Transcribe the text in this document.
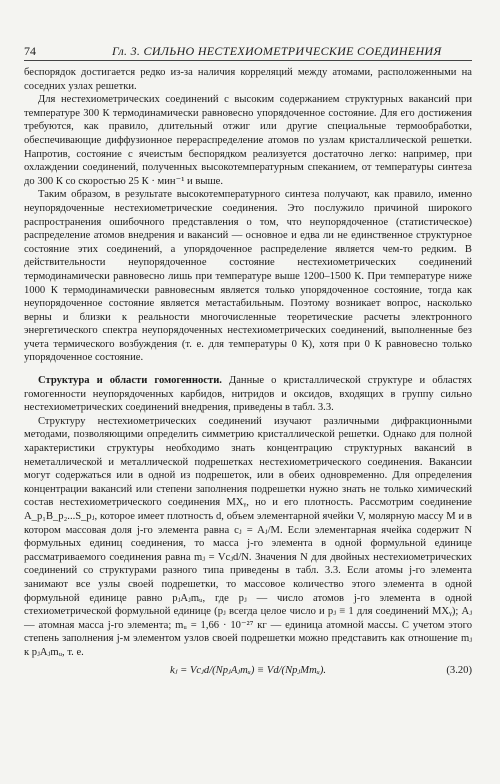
74	Гл. 3. СИЛЬНО НЕСТЕХИОМЕТРИЧЕСКИЕ СОЕДИНЕНИЯ

беспорядок достигается редко из-за наличия корреляций между атомами, расположенными на соседних узлах решетки.

Для нестехиометрических соединений с высоким содержанием структурных вакансий при температуре 300 К термодинамически равновесно упорядоченное состояние. Для его достижения требуются, как правило, длительный отжиг или другие специальные термообработки, обеспечивающие диффузионное перераспределение атомов по узлам кристаллической решетки. Напротив, состояние с ячеистым беспорядком реализуется достаточно легко: например, при охлаждении соединений, полученных высокотемпературным спеканием, от температуры синтеза до 300 К со скоростью 25 К · мин⁻¹ и выше.

Таким образом, в результате высокотемпературного синтеза получают, как правило, именно неупорядоченные нестехиометрические соединения. Это послужило причиной широкого распространения ошибочного представления о том, что неупорядоченное (статистическое) распределение атомов внедрения и вакансий — основное и едва ли не единственное структурное состояние этих соединений, а упорядоченное распределение является чем-то редким. В действительности неупорядоченное состояние нестехиометрических соединений термодинамически равновесно лишь при температуре выше 1200–1500 К. При температуре ниже 1000 К термодинамически равновесным является только упорядоченное состояние, тогда как неупорядоченное состояние является метастабильным. Поэтому возникает вопрос, насколько верны и близки к реальности многочисленные теоретические расчеты электронного энергетического спектра неупорядоченных нестехиометрических соединений, выполненные без учета термического возбуждения (т. е. для температуры 0 К), хотя при 0 К равновесно только упорядоченное состояние.

Структура и области гомогенности. Данные о кристаллической структуре и областях гомогенности неупорядоченных карбидов, нитридов и оксидов, входящих в группу сильно нестехиометрических соединений внедрения, приведены в табл. 3.3.

Структуру нестехиометрических соединений изучают различными дифракционными методами, позволяющими определить симметрию кристаллической решетки. Однако для полной характеристики структуры необходимо знать концентрацию структурных вакансий в неметаллической и металлической подрешетках нестехиометрического соединения. Вакансии могут содержаться или в одной из подрешеток, или в обеих одновременно. Для определения концентрации вакансий или степени заполнения подрешетки нужно знать не только химический состав нестехиометрического соединения MXᵧ, но и его плотность. Рассмотрим соединение A_p₁B_p₂...S_pⱼ, которое имеет плотность d, объем элементарной ячейки V, молярную массу M и в котором массовая доля j-го элемента равна cⱼ = Aⱼ/M. Если элементарная ячейка содержит N формульных единиц соединения, то масса j-го элемента в одной формульной единице рассматриваемого соединения равна mⱼ = Vcⱼd/N. Значения N для двойных нестехиометрических соединений со структурами разного типа приведены в табл. 3.3. Если атомы j-го элемента занимают все узлы своей подрешетки, то массовое количество этого элемента в одной формульной единице равно pⱼAⱼmᵤ, где pⱼ — число атомов j-го элемента в одной стехиометрической формульной единице (pⱼ всегда целое число и pⱼ ≡ 1 для соединений MXᵧ); Aⱼ — атомная масса j-го элемента; mᵤ = 1,66 · 10⁻²⁷ кг — единица атомной массы. С учетом этого степень заполнения j-м элементом узлов своей подрешетки можно представить как отношение mⱼ к pⱼAⱼmᵤ, т. е.

kⱼ = Vcⱼd/(NpⱼAⱼmᵤ) ≡ Vd/(NpⱼMmᵤ).	(3.20)
